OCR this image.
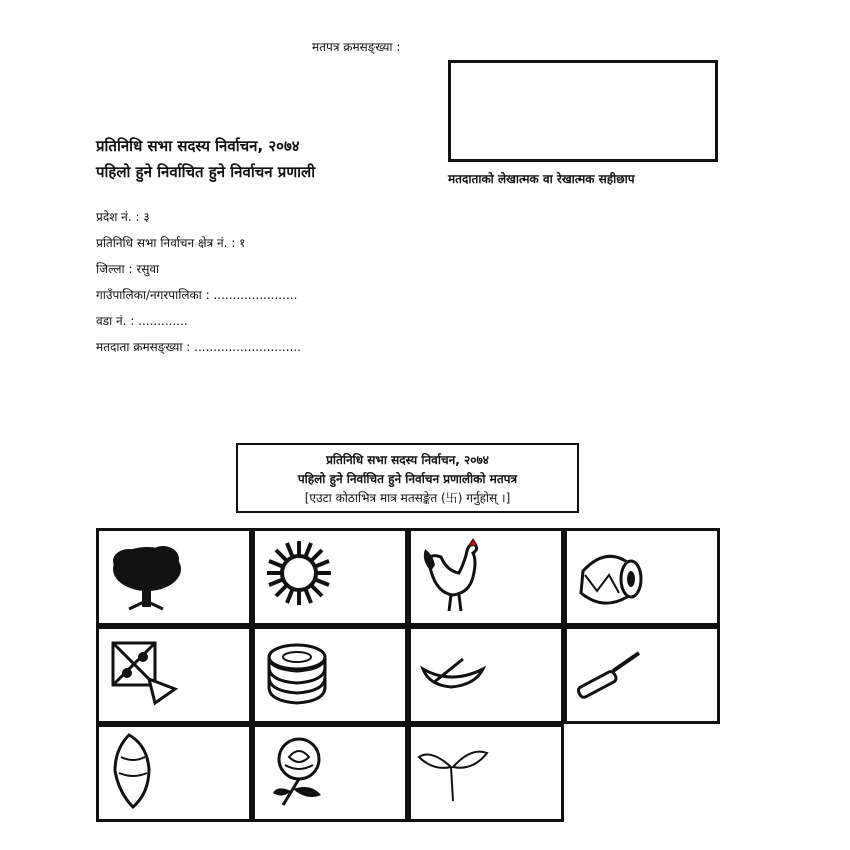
मतपत्र क्रमसङ्ख्या :
मतदाताको लेखात्मक वा रेखात्मक सहीछाप
प्रतिनिधि सभा सदस्य निर्वाचन, २०७४
पहिलो हुने निर्वाचित हुने निर्वाचन प्रणाली
प्रदेश नं. : ३
प्रतिनिधि सभा निर्वाचन क्षेत्र नं. : १
जिल्ला : रसुवा
गाउँपालिका/नगरपालिका : ......................
वडा नं. : .............
मतदाता क्रमसङ्ख्या : ............................
प्रतिनिधि सभा सदस्य निर्वाचन, २०७४
पहिलो हुने निर्वाचित हुने निर्वाचन प्रणालीको मतपत्र
[एउटा कोठाभित्र मात्र मतसङ्केत (卐) गर्नुहोस् ।]
